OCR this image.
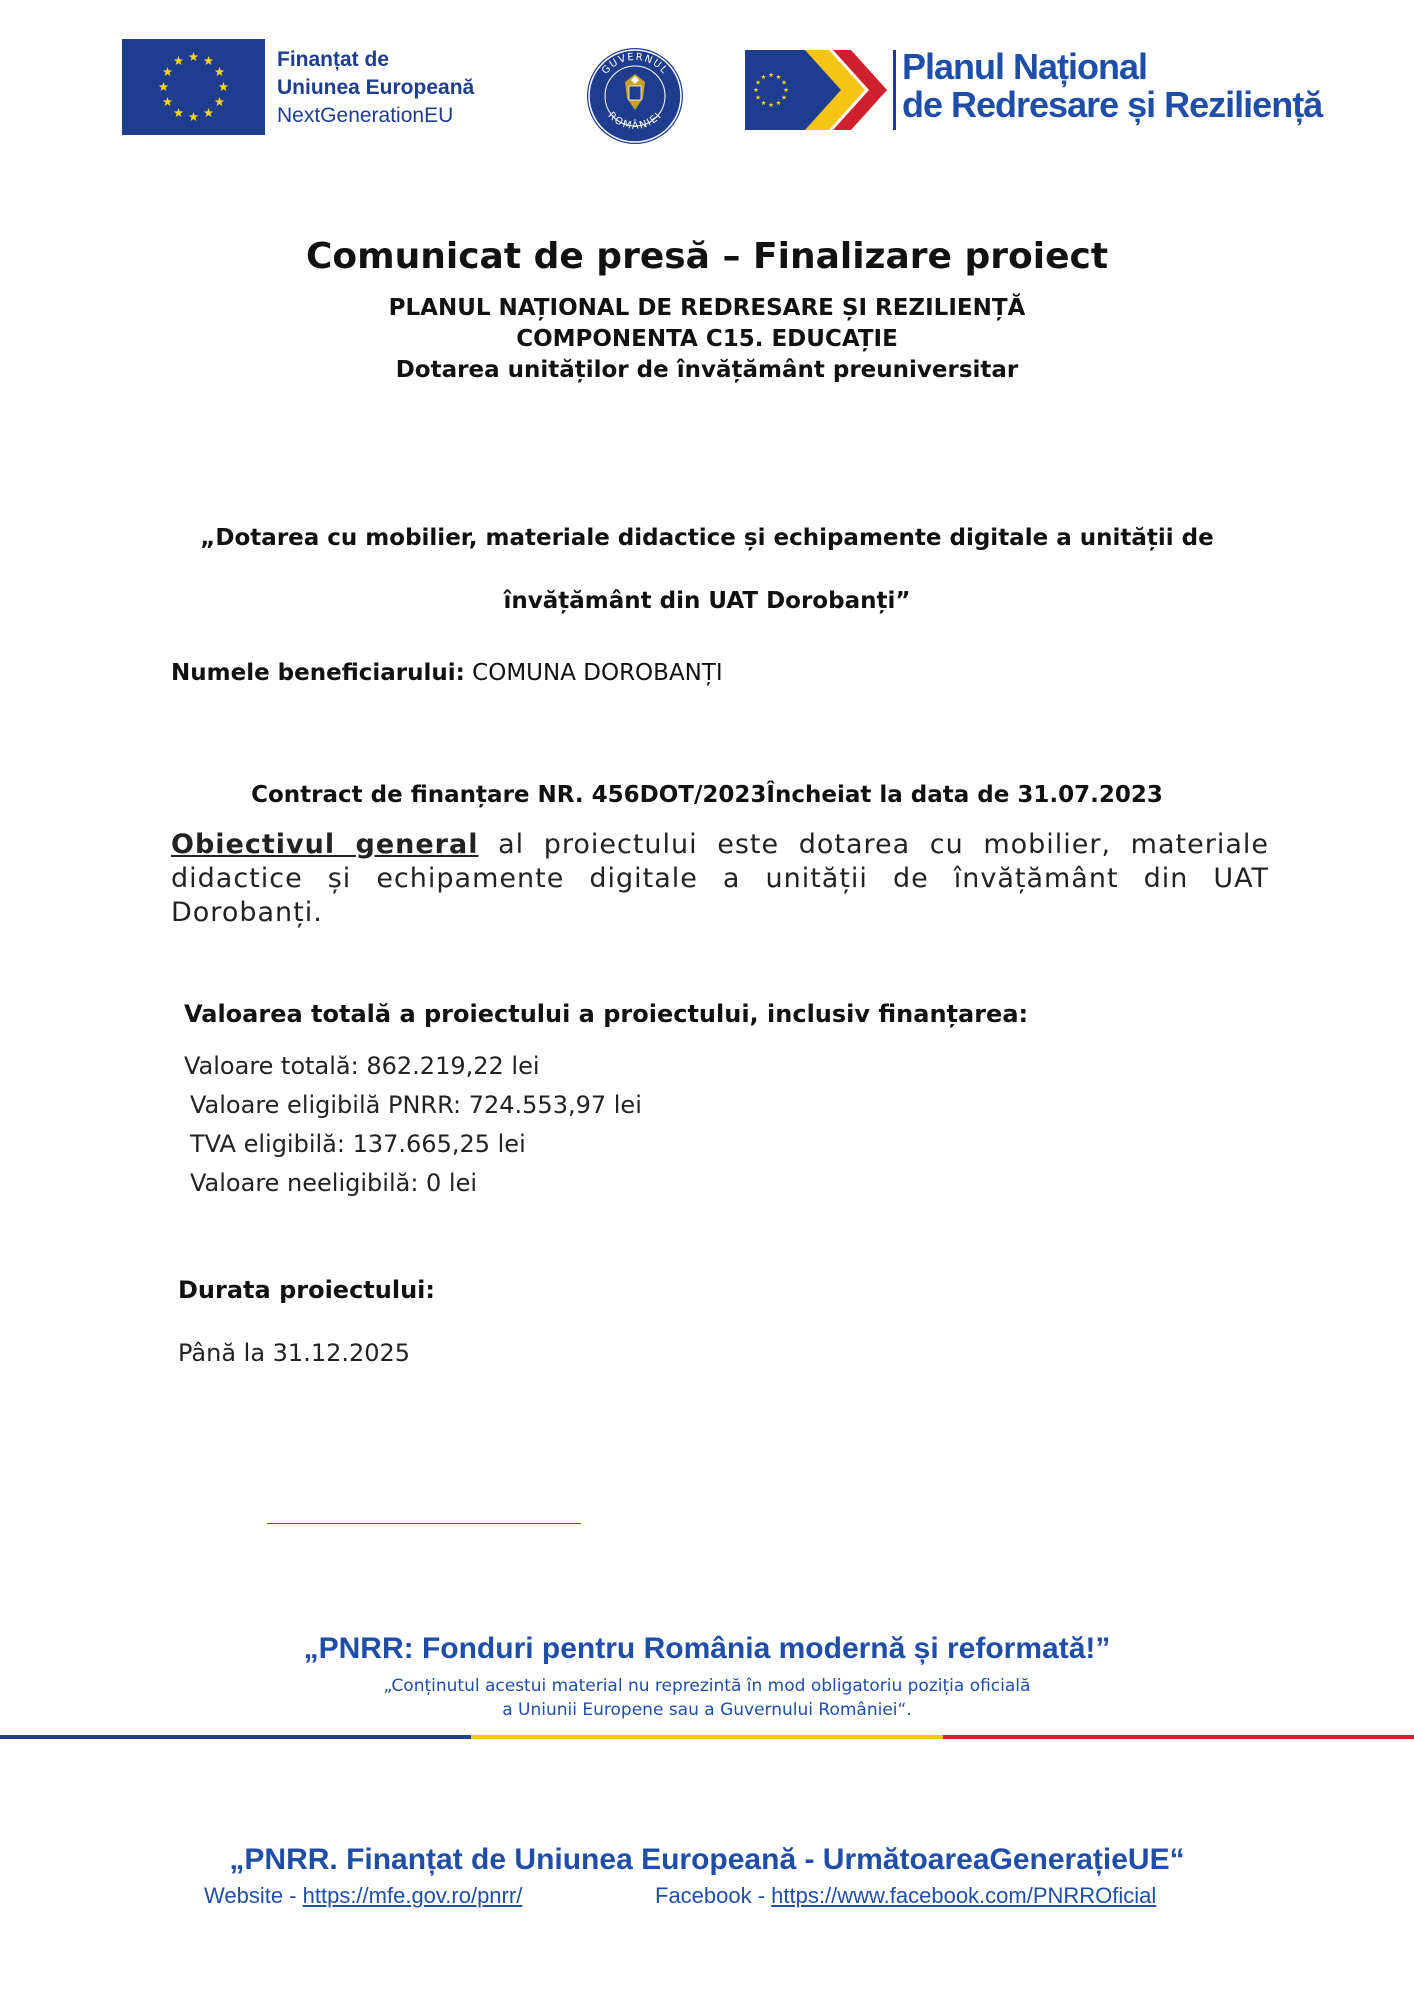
Finanțat de
Uniunea Europeană
NextGenerationEU
GUVERNUL
ROMÂNIEI
Planul Național
de Redresare și Reziliență
Comunicat de presă – Finalizare proiect
PLANUL NAȚIONAL DE REDRESARE ȘI REZILIENȚĂ
COMPONENTA C15. EDUCAȚIE
Dotarea unităților de învățământ preuniversitar
„Dotarea cu mobilier, materiale didactice și echipamente digitale a unității de
învățământ din UAT Dorobanți”
Numele beneficiarului: COMUNA DOROBANȚI
Contract de finanțare NR. 456DOT/2023Încheiat la data de 31.07.2023
Obiectivul general al proiectului este dotarea cu mobilier, materiale didactice și echipamente digitale a unității de învățământ din UAT Dorobanți.
Valoarea totală a proiectului a proiectului, inclusiv finanțarea:
Valoare totală: 862.219,22 lei
Valoare eligibilă PNRR: 724.553,97 lei
TVA eligibilă: 137.665,25 lei
Valoare neeligibilă: 0 lei
Durata proiectului:
Până la 31.12.2025
„PNRR: Fonduri pentru România modernă și reformată!”
„Conținutul acestui material nu reprezintă în mod obligatoriu poziția oficială
a Uniunii Europene sau a Guvernului României“.
„PNRR. Finanțat de Uniunea Europeană - UrmătoareaGenerațieUE“
Website - https://mfe.gov.ro/pnrr/	Facebook - https://www.facebook.com/PNRROficial
